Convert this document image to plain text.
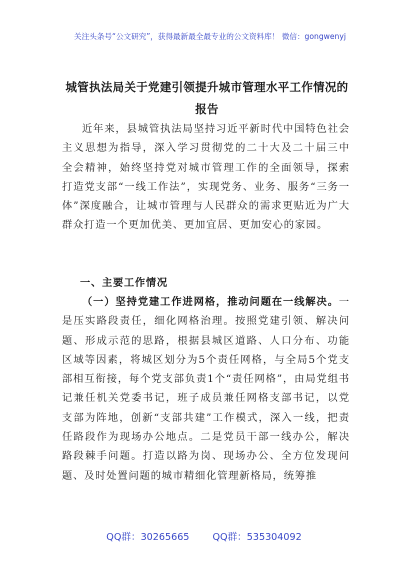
关注头条号“公文研究”，获得最新最全最专业的公文资料库！ 微信：gongwenyj
城管执法局关于党建引领提升城市管理水平工作情况的报告

近年来，县城管执法局坚持习近平新时代中国特色社会主义思想为指导，深入学习贯彻党的二十大及二十届三中全会精神，始终坚持党对城市管理工作的全面领导，探索打造党支部“一线工作法”，实现党务、业务、服务“三务一体”深度融合，让城市管理与人民群众的需求更贴近为广大群众打造一个更加优美、更加宜居、更加安心的家园。

一、主要工作情况

（一）坚持党建工作进网格，推动问题在一线解决。一是压实路段责任，细化网格治理。按照党建引领、解决问题、形成示范的思路，根据县城区道路、人口分布、功能区域等因素，将城区划分为5个责任网格，与全局5个党支部相互衔接，每个党支部负责1个“责任网格”，由局党组书记兼任机关党委书记，班子成员兼任网格支部书记，以党支部为阵地，创新“支部共建”工作模式，深入一线，把责任路段作为现场办公地点。二是党员干部一线办公，解决路段棘手问题。打造以路为岗、现场办公、全方位发现问题、及时处置问题的城市精细化管理新格局，统筹推

QQ群：30265665 QQ群：535304092
